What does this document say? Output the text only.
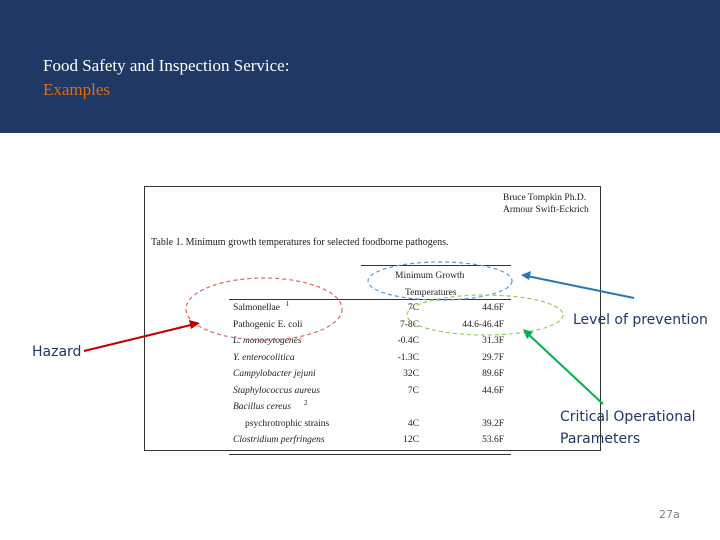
Food Safety and Inspection Service:
Examples
Bruce Tompkin Ph.D.
Armour Swift-Eckrich
Table 1. Minimum growth temperatures for selected foodborne pathogens.
Minimum Growth
Temperatures
Salmonellae 1	7C	44.6F
Pathogenic E. coli	7-8C	44.6-46.4F
L. monocytogenes	-0.4C	31.3F
Y. enterocolitica	-1.3C	29.7F
Campylobacter jejuni	32C	89.6F
Staphylococcus aureus	7C	44.6F
Bacillus cereus 2
psychrotrophic strains	4C	39.2F
Clostridium perfringens	12C	53.6F
Hazard
Level of prevention
Critical Operational
Parameters
27a
